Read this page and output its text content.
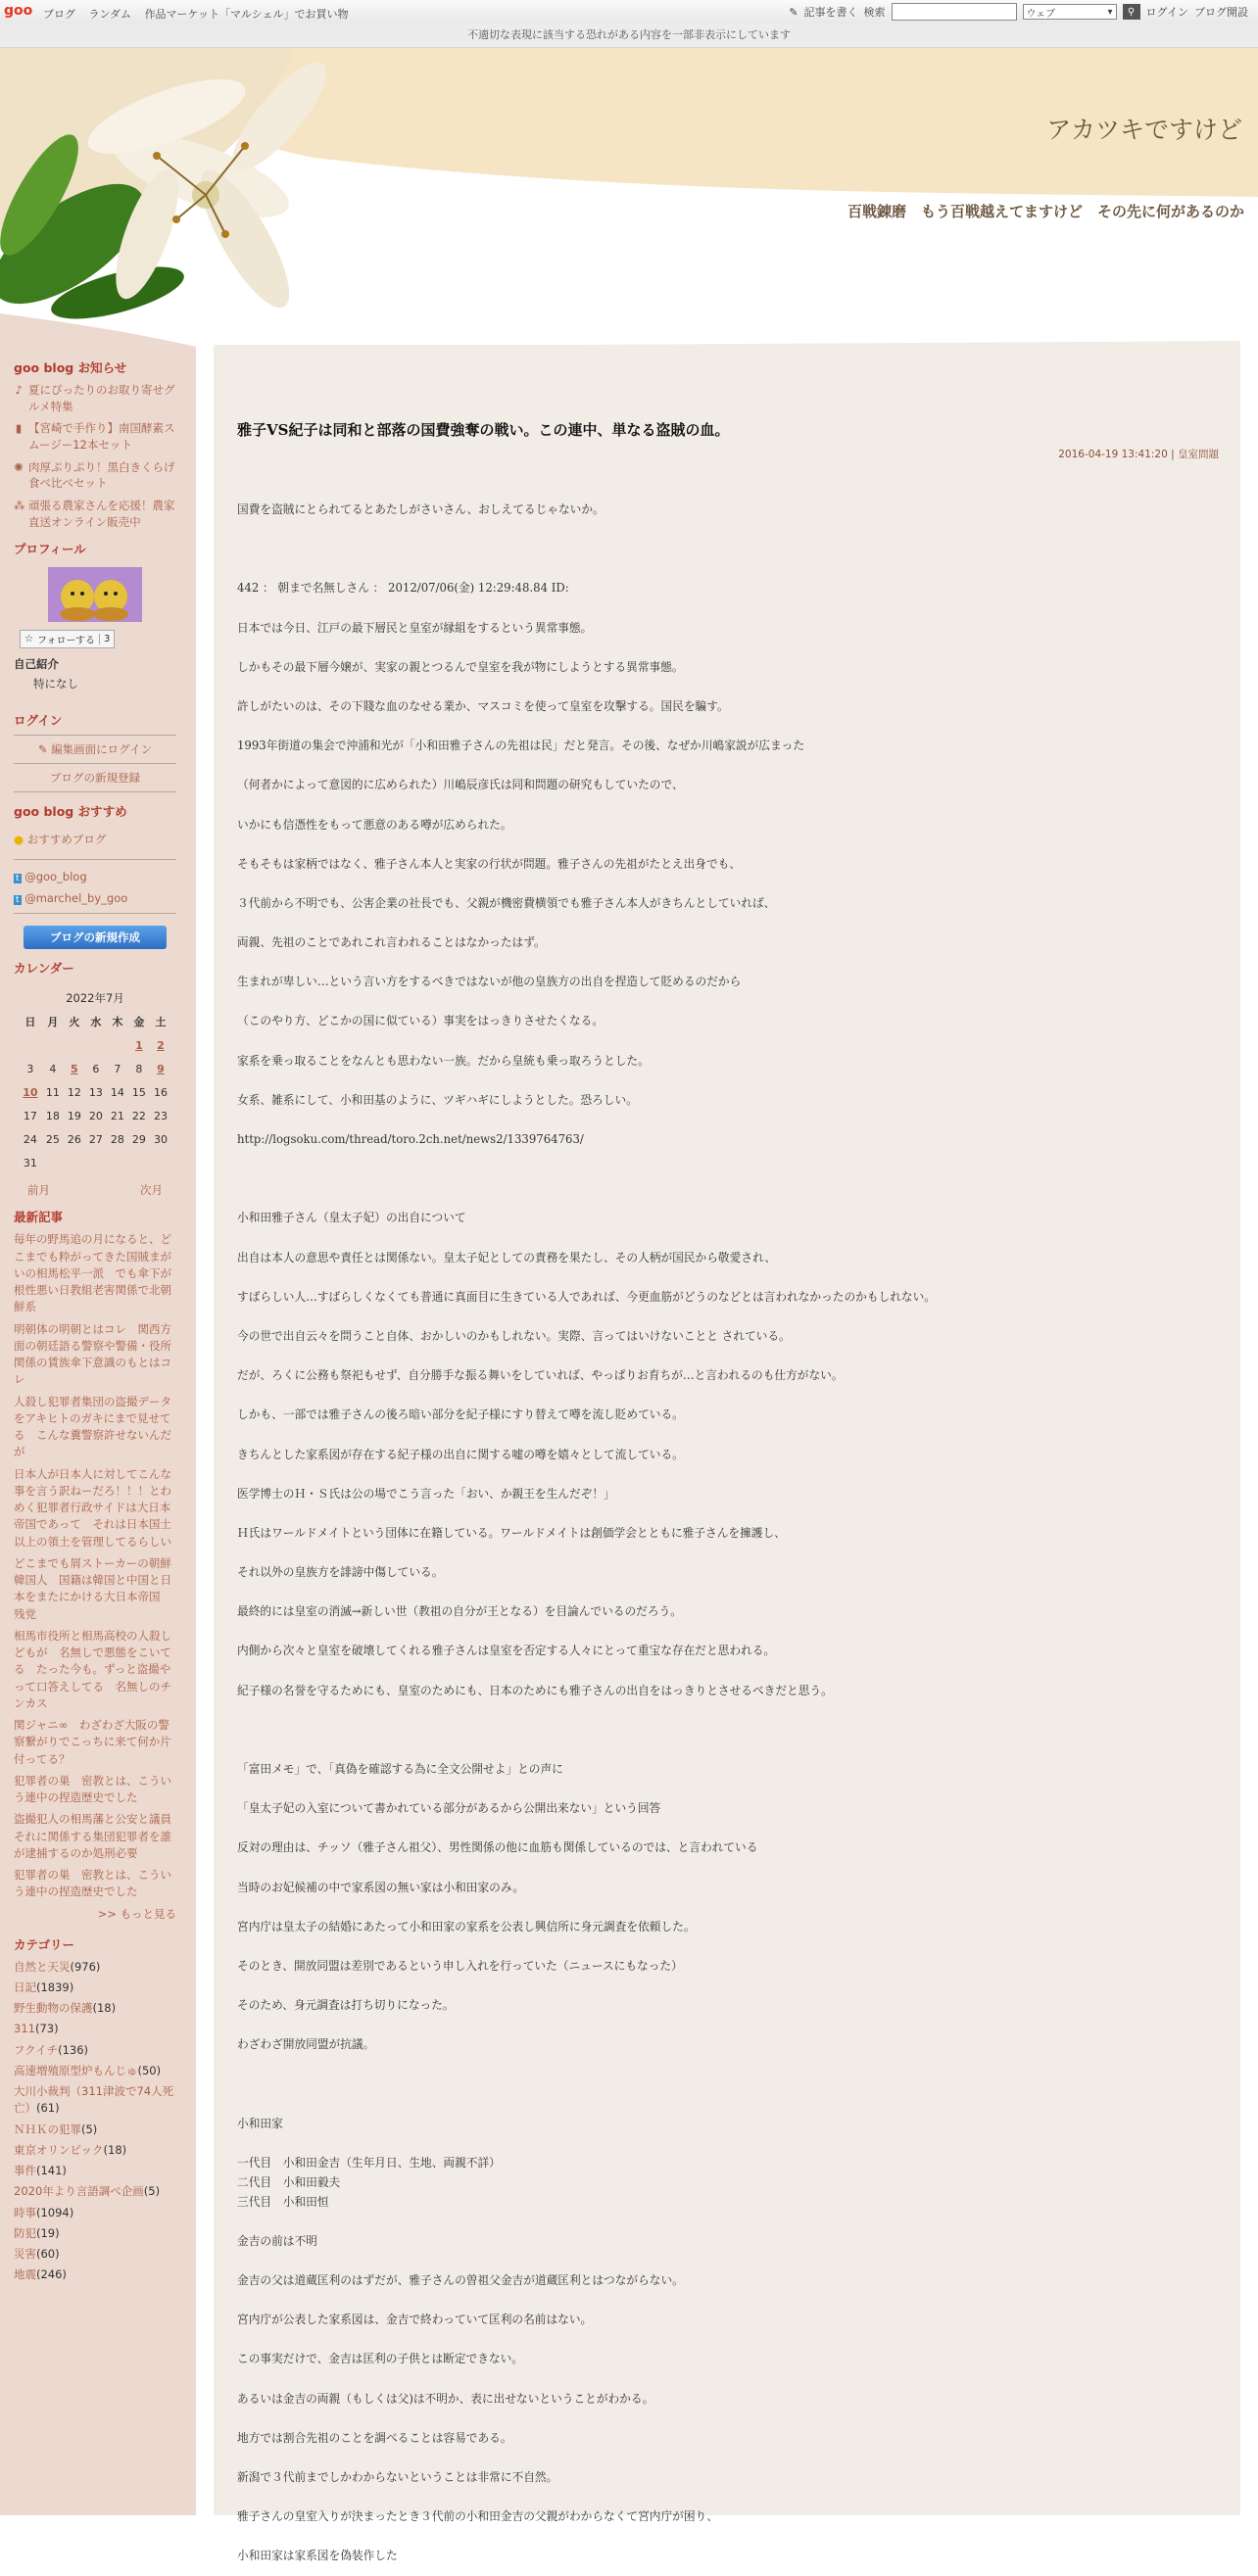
goo ブログ ランダム 作品マーケット「マルシェル」でお買い物	✎ 記事を書く 検索	ウェブ	▾ ⚲ ログイン ブログ開設
不適切な表現に該当する恐れがある内容を一部非表示にしています
アカツキですけど
百戦錬磨　もう百戦越えてますけど　その先に何があるのか
goo blog お知らせ
♪ 夏にぴったりのお取り寄せグルメ特集
▮ 【宮崎で手作り】南国酵素スムージー12本セット
✺ 肉厚ぷりぷり！黒白きくらげ食べ比べセット
⁂ 頑張る農家さんを応援！農家直送オンライン販売中
プロフィール
☆ フォローする 3
自己紹介
特になし
ログイン
✎ 編集画面にログイン
ブログの新規登録
goo blog おすすめ
● おすすめブログ
t @goo_blog
t @marchel_by_goo
ブログの新規作成
カレンダー
2022年7月
日	月	火	水	木	金	土
					1	2
3	4	5	6	7	8	9
10	11	12	13	14	15	16
17	18	19	20	21	22	23
24	25	26	27	28	29	30
31						
前月	次月
最新記事
毎年の野馬追の月になると、どこまでも粋がってきた国賊まがいの相馬松平一派　でも傘下が根性悪い日教組老害関係で北朝鮮系
明朝体の明朝とはコレ　関西方面の朝廷語る警察や警備・役所関係の賃族傘下意識のもとはコレ
人殺し犯罪者集団の盗撮データをアキヒトのガキにまで見せてる　こんな糞警察許せないんだが
日本人が日本人に対してこんな事を言う訳ねーだろ！！！とわめく犯罪者行政サイドは大日本帝国であって　それは日本国土以上の領土を管理してるらしい
どこまでも屑ストーカーの朝鮮韓国人　国籍は韓国と中国と日本をまたにかける大日本帝国　残党
相馬市役所と相馬高校の人殺しどもが　名無しで悪態をこいてる　たった今も。ずっと盗撮やって口答えしてる　名無しのチンカス
関ジャニ∞　わざわざ大阪の警察繋がりでこっちに来て何か片付ってる？
犯罪者の巣　密教とは、こういう連中の捏造歴史でした
盗撮犯人の相馬藩と公安と議員　それに関係する集団犯罪者を誰が逮捕するのか処刑必要
犯罪者の巣　密教とは、こういう連中の捏造歴史でした
>> もっと見る
カテゴリー
自然と天災(976)
日記(1839)
野生動物の保護(18)
311(73)
フクイチ(136)
高速増殖原型炉もんじゅ(50)
大川小裁判（311津波で74人死亡）(61)
ＮＨＫの犯罪(5)
東京オリンピック(18)
事件(141)
2020年より言語調べ企画(5)
時事(1094)
防犯(19)
災害(60)
地震(246)
雅子VS紀子は同和と部落の国費強奪の戦い。この連中、単なる盗賊の血。
2016-04-19 13:41:20 | 皇室問題

国費を盗賊にとられてるとあたしがさいさん、おしえてるじゃないか。

442 ： 朝まで名無しさん ： 2012/07/06(金) 12:29:48.84 ID:

日本では今日、江戸の最下層民と皇室が縁組をするという異常事態。

しかもその最下層今嬢が、実家の親とつるんで皇室を我が物にしようとする異常事態。

許しがたいのは、その下賤な血のなせる業か、マスコミを使って皇室を攻撃する。国民を騙す。

1993年街道の集会で沖浦和光が「小和田雅子さんの先祖は民」だと発言。その後、なぜか川嶋家説が広まった

（何者かによって意図的に広められた）川嶋辰彦氏は同和問題の研究もしていたので、

いかにも信憑性をもって悪意のある噂が広められた。

そもそもは家柄ではなく、雅子さん本人と実家の行状が問題。雅子さんの先祖がたとえ出身でも、

３代前から不明でも、公害企業の社長でも、父親が機密費横領でも雅子さん本人がきちんとしていれば、

両親、先祖のことであれこれ言われることはなかったはず。

生まれが卑しい…という言い方をするべきではないが他の皇族方の出自を捏造して貶めるのだから

（このやり方、どこかの国に似ている）事実をはっきりさせたくなる。

家系を乗っ取ることをなんとも思わない一族。だから皇統も乗っ取ろうとした。

女系、雑系にして、小和田基のように、ツギハギにしようとした。恐ろしい。

http://logsoku.com/thread/toro.2ch.net/news2/1339764763/

小和田雅子さん（皇太子妃）の出自について

出自は本人の意思や責任とは関係ない。皇太子妃としての責務を果たし、その人柄が国民から敬愛され、

すばらしい人…すばらしくなくても普通に真面目に生きている人であれば、今更血筋がどうのなどとは言われなかったのかもしれない。

今の世で出自云々を問うこと自体、おかしいのかもしれない。実際、言ってはいけないことと されている。

だが、ろくに公務も祭祀もせず、自分勝手な振る舞いをしていれば、やっぱりお育ちが…と言われるのも仕方がない。

しかも、一部では雅子さんの後ろ暗い部分を紀子様にすり替えて噂を流し貶めている。

きちんとした家系図が存在する紀子様の出自に関する嘘の噂を嬉々として流している。

医学博士のＨ・Ｓ氏は公の場でこう言った「おい、か親王を生んだぞ！」

Ｈ氏はワールドメイトという団体に在籍している。ワールドメイトは創価学会とともに雅子さんを擁護し、

それ以外の皇族方を誹謗中傷している。

最終的には皇室の消滅→新しい世（教祖の自分が王となる）を目論んでいるのだろう。

内側から次々と皇室を破壊してくれる雅子さんは皇室を否定する人々にとって重宝な存在だと思われる。

紀子様の名誉を守るためにも、皇室のためにも、日本のためにも雅子さんの出自をはっきりとさせるべきだと思う。

「富田メモ」で、「真偽を確認する為に全文公開せよ」との声に

「皇太子妃の入室について書かれている部分があるから公開出来ない」という回答

反対の理由は、チッソ（雅子さん祖父）、男性関係の他に血筋も関係しているのでは、と言われている

当時のお妃候補の中で家系図の無い家は小和田家のみ。

宮内庁は皇太子の結婚にあたって小和田家の家系を公表し興信所に身元調査を依頼した。

そのとき、開放同盟は差別であるという申し入れを行っていた（ニュースにもなった）

そのため、身元調査は打ち切りになった。

わざわざ開放同盟が抗議。

小和田家

一代目　小和田金吉（生年月日、生地、両親不詳）
二代目　小和田毅夫
三代目　小和田恒

金吉の前は不明

金吉の父は道蔵匡利のはずだが、雅子さんの曽祖父金吉が道蔵匡利とはつながらない。

宮内庁が公表した家系図は、金吉で終わっていて匡利の名前はない。

この事実だけで、金吉は匡利の子供とは断定できない。

あるいは金吉の両親（もしくは父)は不明か、表に出せないということがわかる。

地方では割合先祖のことを調べることは容易である。

新潟で３代前までしかわからないということは非常に不自然。

雅子さんの皇室入りが決まったとき３代前の小和田金吉の父親がわからなくて宮内庁が困り、

小和田家は家系図を偽装作した
